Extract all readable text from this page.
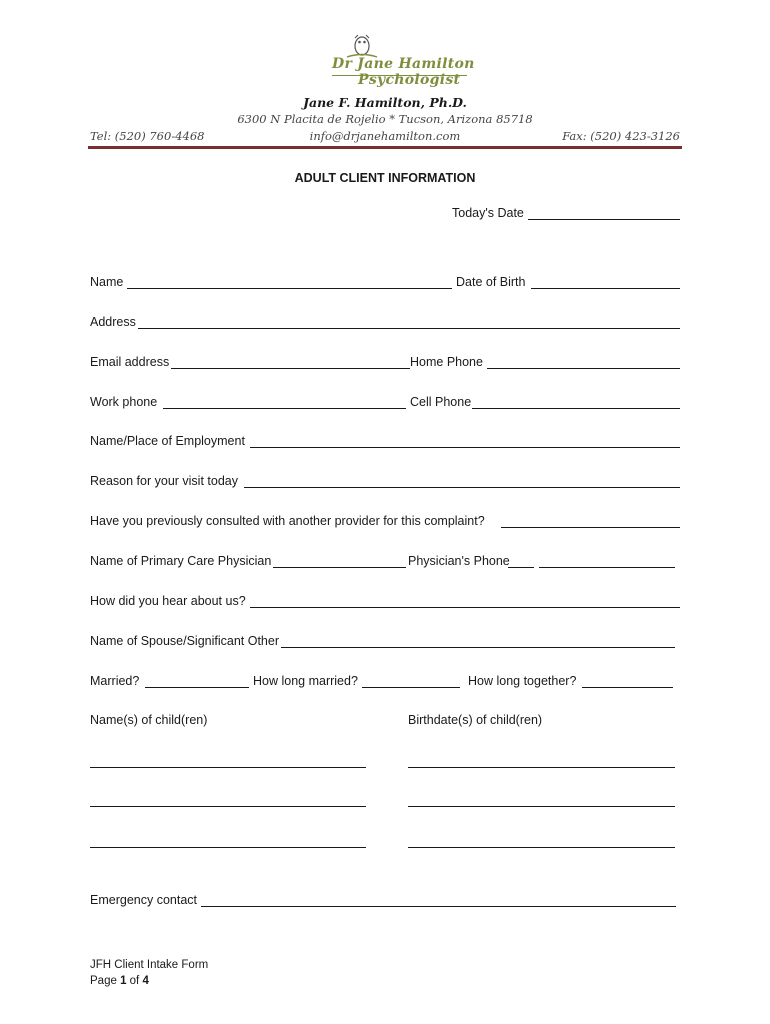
Dr Jane Hamilton
Psychologist
Jane F. Hamilton, Ph.D.
6300 N Placita de Rojelio * Tucson, Arizona 85718
Tel: (520) 760-4468	info@drjanehamilton.com	Fax: (520) 423-3126
ADULT CLIENT INFORMATION
Today's Date
Name	Date of Birth
Address
Email address	Home Phone
Work phone	Cell Phone
Name/Place of Employment
Reason for your visit today
Have you previously consulted with another provider for this complaint?
Name of Primary Care Physician	Physician's Phone
How did you hear about us?
Name of Spouse/Significant Other
Married?	How long married?	How long together?
Name(s) of child(ren)	Birthdate(s) of child(ren)
Emergency contact
JFH Client Intake Form
Page 1 of 4
